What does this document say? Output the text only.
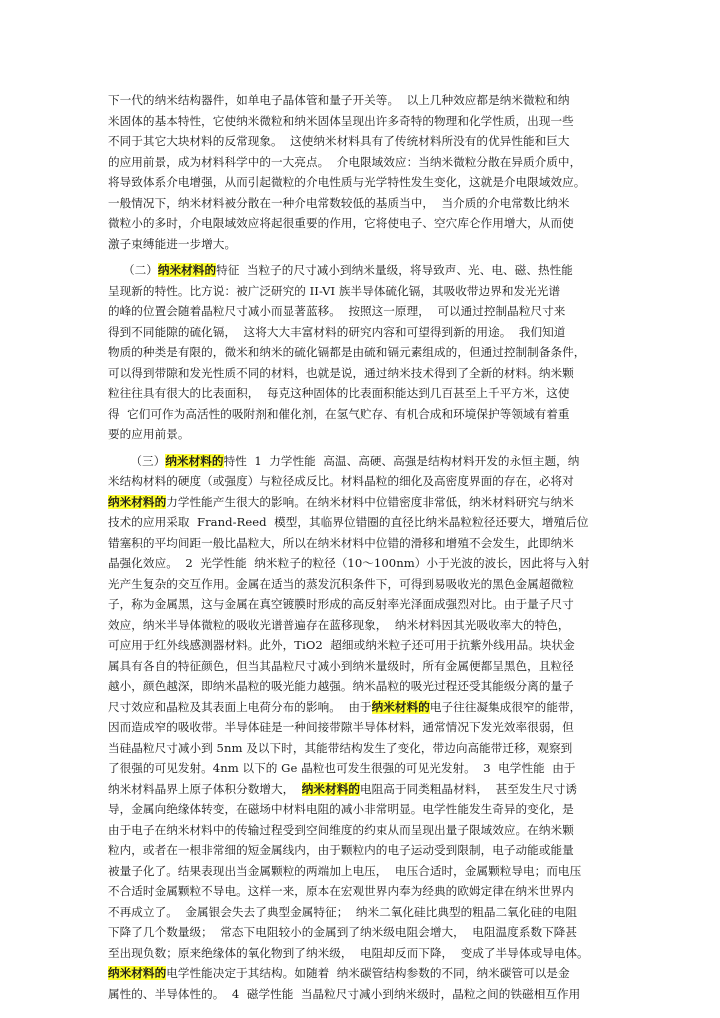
下一代的纳米结构器件，如单电子晶体管和量子开关等。  以上几种效应都是纳米微粒和纳
米固体的基本特性，它使纳米微粒和纳米固体呈现出许多奇特的物理和化学性质，出现一些
不同于其它大块材料的反常现象。  这使纳米材料具有了传统材料所没有的优异性能和巨大
的应用前景，成为材料科学中的一大亮点。  介电限域效应：当纳米微粒分散在异质介质中，
将导致体系介电增强，从而引起微粒的介电性质与光学特性发生变化，这就是介电限域效应。
一般情况下，纳米材料被分散在一种介电常数较低的基质当中，  当介质的介电常数比纳米
微粒小的多时，介电限域效应将起很重要的作用，它将使电子、空穴库仑作用增大，从而使
激子束缚能进一步增大。
（二）纳米材料的特征  当粒子的尺寸减小到纳米量级，将导致声、光、电、磁、热性能
呈现新的特性。比方说：被广泛研究的 II-VI 族半导体硫化镉，其吸收带边界和发光光谱
的峰的位置会随着晶粒尺寸减小而显著蓝移。  按照这一原理，  可以通过控制晶粒尺寸来
得到不同能隙的硫化镉，  这将大大丰富材料的研究内容和可望得到新的用途。  我们知道
物质的种类是有限的，微米和纳米的硫化镉都是由硫和镉元素组成的，但通过控制制备条件，
可以得到带隙和发光性质不同的材料，也就是说，通过纳米技术得到了全新的材料。纳米颗
粒往往具有很大的比表面积，  每克这种固体的比表面积能达到几百甚至上千平方米，这使
得  它们可作为高活性的吸附剂和催化剂，在氢气贮存、有机合成和环境保护等领域有着重
要的应用前景。
（三）纳米材料的特性  1  力学性能  高温、高硬、高强是结构材料开发的永恒主题，纳
米结构材料的硬度（或强度）与粒径成反比。材料晶粒的细化及高密度界面的存在，必将对
纳米材料的力学性能产生很大的影响。在纳米材料中位错密度非常低，纳米材料研究与纳米
技术的应用采取  Frand-Reed  模型，其临界位错圈的直径比纳米晶粒粒径还要大，增殖后位
错塞积的平均间距一般比晶粒大，所以在纳米材料中位错的滑移和增殖不会发生，此即纳米
晶强化效应。  2  光学性能  纳米粒子的粒径（10～100nm）小于光波的波长，因此将与入射
光产生复杂的交互作用。金属在适当的蒸发沉积条件下，可得到易吸收光的黑色金属超微粒
子，称为金属黑，这与金属在真空镀膜时形成的高反射率光泽面成强烈对比。由于量子尺寸
效应，纳米半导体微粒的吸收光谱普遍存在蓝移现象，  纳米材料因其光吸收率大的特色，
可应用于红外线感测器材料。此外，TiO2  超细或纳米粒子还可用于抗紫外线用品。块状金
属具有各自的特征颜色，但当其晶粒尺寸减小到纳米量级时，所有金属便都呈黑色，且粒径
越小，颜色越深，即纳米晶粒的吸光能力越强。纳米晶粒的吸光过程还受其能级分离的量子
尺寸效应和晶粒及其表面上电荷分布的影响。  由于纳米材料的电子往往凝集成很窄的能带，
因而造成窄的吸收带。半导体硅是一种间接带隙半导体材料，通常情况下发光效率很弱，但
当硅晶粒尺寸减小到 5nm 及以下时，其能带结构发生了变化，带边向高能带迁移，观察到
了很强的可见发射。4nm 以下的 Ge 晶粒也可发生很强的可见光发射。  3  电学性能  由于
纳米材料晶界上原子体积分数增大，  纳米材料的电阻高于同类粗晶材料，  甚至发生尺寸诱
导，金属向绝缘体转变，在磁场中材料电阻的减小非常明显。电学性能发生奇异的变化，是
由于电子在纳米材料中的传输过程受到空间维度的约束从而呈现出量子限域效应。在纳米颗
粒内，或者在一根非常细的短金属线内，由于颗粒内的电子运动受到限制，电子动能或能量
被量子化了。结果表现出当金属颗粒的两端加上电压，  电压合适时，金属颗粒导电；而电压
不合适时金属颗粒不导电。这样一来，原本在宏观世界内奉为经典的欧姆定律在纳米世界内
不再成立了。  金属银会失去了典型金属特征；  纳米二氧化硅比典型的粗晶二氧化硅的电阻
下降了几个数量级；  常态下电阻较小的金属到了纳米级电阻会增大，  电阻温度系数下降甚
至出现负数；原来绝缘体的氧化物到了纳米级，  电阻却反而下降，  变成了半导体或导电体。
纳米材料的电学性能决定于其结构。如随着  纳米碳管结构参数的不同，纳米碳管可以是金
属性的、半导体性的。  4  磁学性能  当晶粒尺寸减小到纳米级时，晶粒之间的铁磁相互作用
